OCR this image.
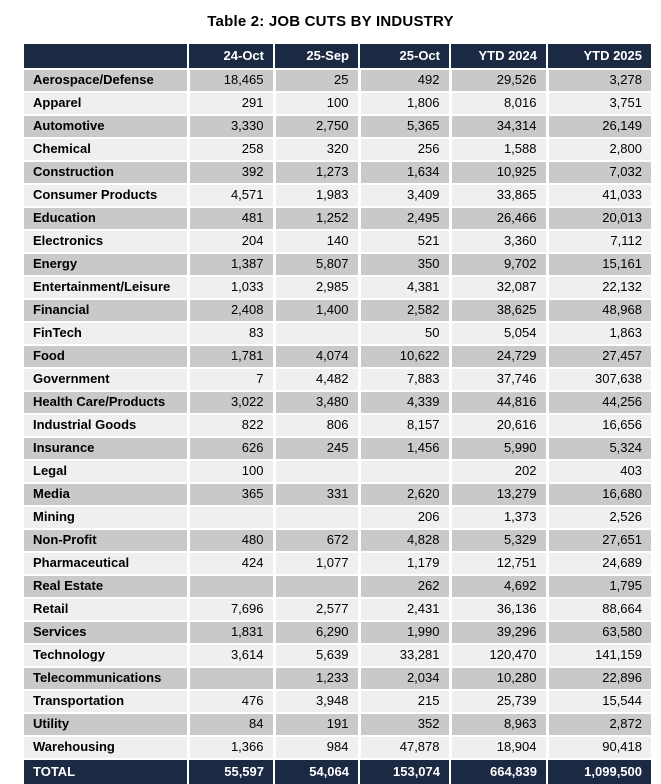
Table 2: JOB CUTS BY INDUSTRY
	24-Oct	25-Sep	25-Oct	YTD 2024	YTD 2025
Aerospace/Defense	18,465	25	492	29,526	3,278
Apparel	291	100	1,806	8,016	3,751
Automotive	3,330	2,750	5,365	34,314	26,149
Chemical	258	320	256	1,588	2,800
Construction	392	1,273	1,634	10,925	7,032
Consumer Products	4,571	1,983	3,409	33,865	41,033
Education	481	1,252	2,495	26,466	20,013
Electronics	204	140	521	3,360	7,112
Energy	1,387	5,807	350	9,702	15,161
Entertainment/Leisure	1,033	2,985	4,381	32,087	22,132
Financial	2,408	1,400	2,582	38,625	48,968
FinTech	83		50	5,054	1,863
Food	1,781	4,074	10,622	24,729	27,457
Government	7	4,482	7,883	37,746	307,638
Health Care/Products	3,022	3,480	4,339	44,816	44,256
Industrial Goods	822	806	8,157	20,616	16,656
Insurance	626	245	1,456	5,990	5,324
Legal	100			202	403
Media	365	331	2,620	13,279	16,680
Mining			206	1,373	2,526
Non-Profit	480	672	4,828	5,329	27,651
Pharmaceutical	424	1,077	1,179	12,751	24,689
Real Estate			262	4,692	1,795
Retail	7,696	2,577	2,431	36,136	88,664
Services	1,831	6,290	1,990	39,296	63,580
Technology	3,614	5,639	33,281	120,470	141,159
Telecommunications		1,233	2,034	10,280	22,896
Transportation	476	3,948	215	25,739	15,544
Utility	84	191	352	8,963	2,872
Warehousing	1,366	984	47,878	18,904	90,418
TOTAL	55,597	54,064	153,074	664,839	1,099,500
